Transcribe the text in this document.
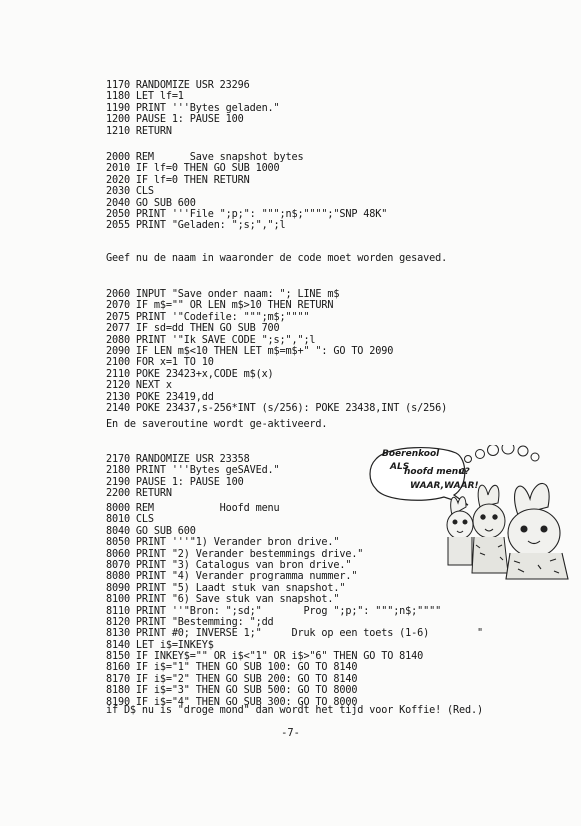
1170 RANDOMIZE USR 23296
1180 LET lf=1
1190 PRINT '''Bytes geladen."
1200 PAUSE 1: PAUSE 100
1210 RETURN
2000 REM      Save snapshot bytes
2010 IF lf=0 THEN GO SUB 1000
2020 IF lf=0 THEN RETURN
2030 CLS
2040 GO SUB 600
2050 PRINT '''File ";p;": """;n$;"""";"SNP 48K"
2055 PRINT "Geladen: ";s;",";l
Geef nu de naam in waaronder de code moet worden gesaved.
2060 INPUT "Save onder naam: "; LINE m$
2070 IF m$="" OR LEN m$>10 THEN RETURN
2075 PRINT '"Codefile: """;m$;""""
2077 IF sd=dd THEN GO SUB 700
2080 PRINT '"Ik SAVE CODE ";s;",";l
2090 IF LEN m$<10 THEN LET m$=m$+" ": GO TO 2090
2100 FOR x=1 TO 10
2110 POKE 23423+x,CODE m$(x)
2120 NEXT x
2130 POKE 23419,dd
2140 POKE 23437,s-256*INT (s/256): POKE 23438,INT (s/256)
En de saveroutine wordt ge-aktiveerd.
2170 RANDOMIZE USR 23358
2180 PRINT '''Bytes geSAVEd."
2190 PAUSE 1: PAUSE 100
2200 RETURN
8000 REM           Hoofd menu
8010 CLS
8040 GO SUB 600
8050 PRINT '''"1) Verander bron drive."
8060 PRINT "2) Verander bestemmings drive."
8070 PRINT "3) Catalogus van bron drive."
8080 PRINT "4) Verander programma nummer."
8090 PRINT "5) Laadt stuk van snapshot."
8100 PRINT "6) Save stuk van snapshot."
8110 PRINT ''"Bron: ";sd;"       Prog ";p;": """;n$;""""
8120 PRINT "Bestemming: ";dd
8130 PRINT #0; INVERSE 1;"     Druk op een toets (1-6)        "
8140 LET i$=INKEY$
8150 IF INKEY$="" OR i$<"1" OR i$>"6" THEN GO TO 8140
8160 IF i$="1" THEN GO SUB 100: GO TO 8140
8170 IF i$="2" THEN GO SUB 200: GO TO 8140
8180 IF i$="3" THEN GO SUB 500: GO TO 8000
8190 IF i$="4" THEN GO SUB 300: GO TO 8000
if D$ nu is "droge mond" dan wordt het tijd voor Koffie! (Red.)
-7-
Boerenkool
ALS
hoofd menu?
WAAR,WAAR!
